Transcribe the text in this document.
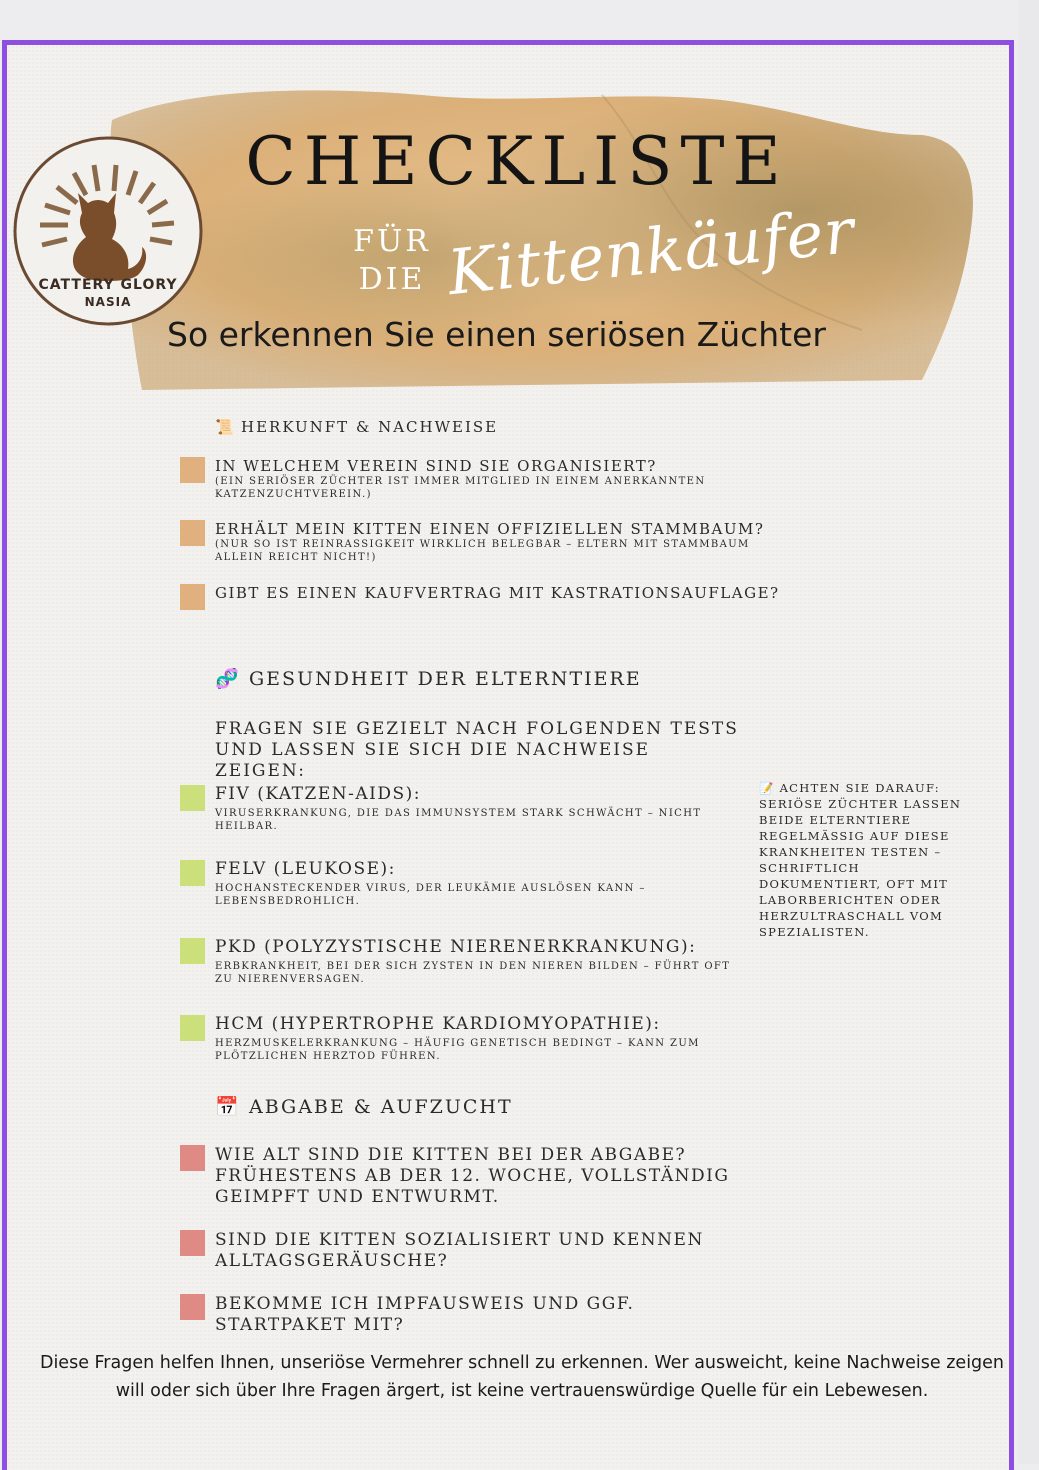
CATTERY GLORY
NASIA
CHECKLISTE
FÜR
DIE Kittenkäufer
So erkennen Sie einen seriösen Züchter
📜 HERKUNFT & NACHWEISE
IN WELCHEM VEREIN SIND SIE ORGANISIERT?
(EIN SERIÖSER ZÜCHTER IST IMMER MITGLIED IN EINEM ANERKANNTEN KATZENZUCHTVEREIN.)
ERHÄLT MEIN KITTEN EINEN OFFIZIELLEN STAMMBAUM?
(NUR SO IST REINRASSIGKEIT WIRKLICH BELEGBAR – ELTERN MIT STAMMBAUM ALLEIN REICHT NICHT!)
GIBT ES EINEN KAUFVERTRAG MIT KASTRATIONSAUFLAGE?
🧬 GESUNDHEIT DER ELTERNTIERE
FRAGEN SIE GEZIELT NACH FOLGENDEN TESTS UND LASSEN SIE SICH DIE NACHWEISE ZEIGEN:
FIV (KATZEN-AIDS):
VIRUSERKRANKUNG, DIE DAS IMMUNSYSTEM STARK SCHWÄCHT – NICHT HEILBAR.
FELV (LEUKOSE):
HOCHANSTECKENDER VIRUS, DER LEUKÄMIE AUSLÖSEN KANN – LEBENSBEDROHLICH.
PKD (POLYZYSTISCHE NIERENERKRANKUNG):
ERBKRANKHEIT, BEI DER SICH ZYSTEN IN DEN NIEREN BILDEN – FÜHRT OFT ZU NIERENVERSAGEN.
HCM (HYPERTROPHE KARDIOMYOPATHIE):
HERZMUSKELERKRANKUNG – HÄUFIG GENETISCH BEDINGT – KANN ZUM PLÖTZLICHEN HERZTOD FÜHREN.
📝 ACHTEN SIE DARAUF: SERIÖSE ZÜCHTER LASSEN BEIDE ELTERNTIERE REGELMÄSSIG AUF DIESE KRANKHEITEN TESTEN – SCHRIFTLICH DOKUMENTIERT, OFT MIT LABORBERICHTEN ODER HERZULTRASCHALL VOM SPEZIALISTEN.
📅 ABGABE & AUFZUCHT
WIE ALT SIND DIE KITTEN BEI DER ABGABE? FRÜHESTENS AB DER 12. WOCHE, VOLLSTÄNDIG GEIMPFT UND ENTWURMT.
SIND DIE KITTEN SOZIALISIERT UND KENNEN ALLTAGSGERÄUSCHE?
BEKOMME ICH IMPFAUSWEIS UND GGF. STARTPAKET MIT?
Diese Fragen helfen Ihnen, unseriöse Vermehrer schnell zu erkennen. Wer ausweicht, keine Nachweise zeigen will oder sich über Ihre Fragen ärgert, ist keine vertrauenswürdige Quelle für ein Lebewesen.
